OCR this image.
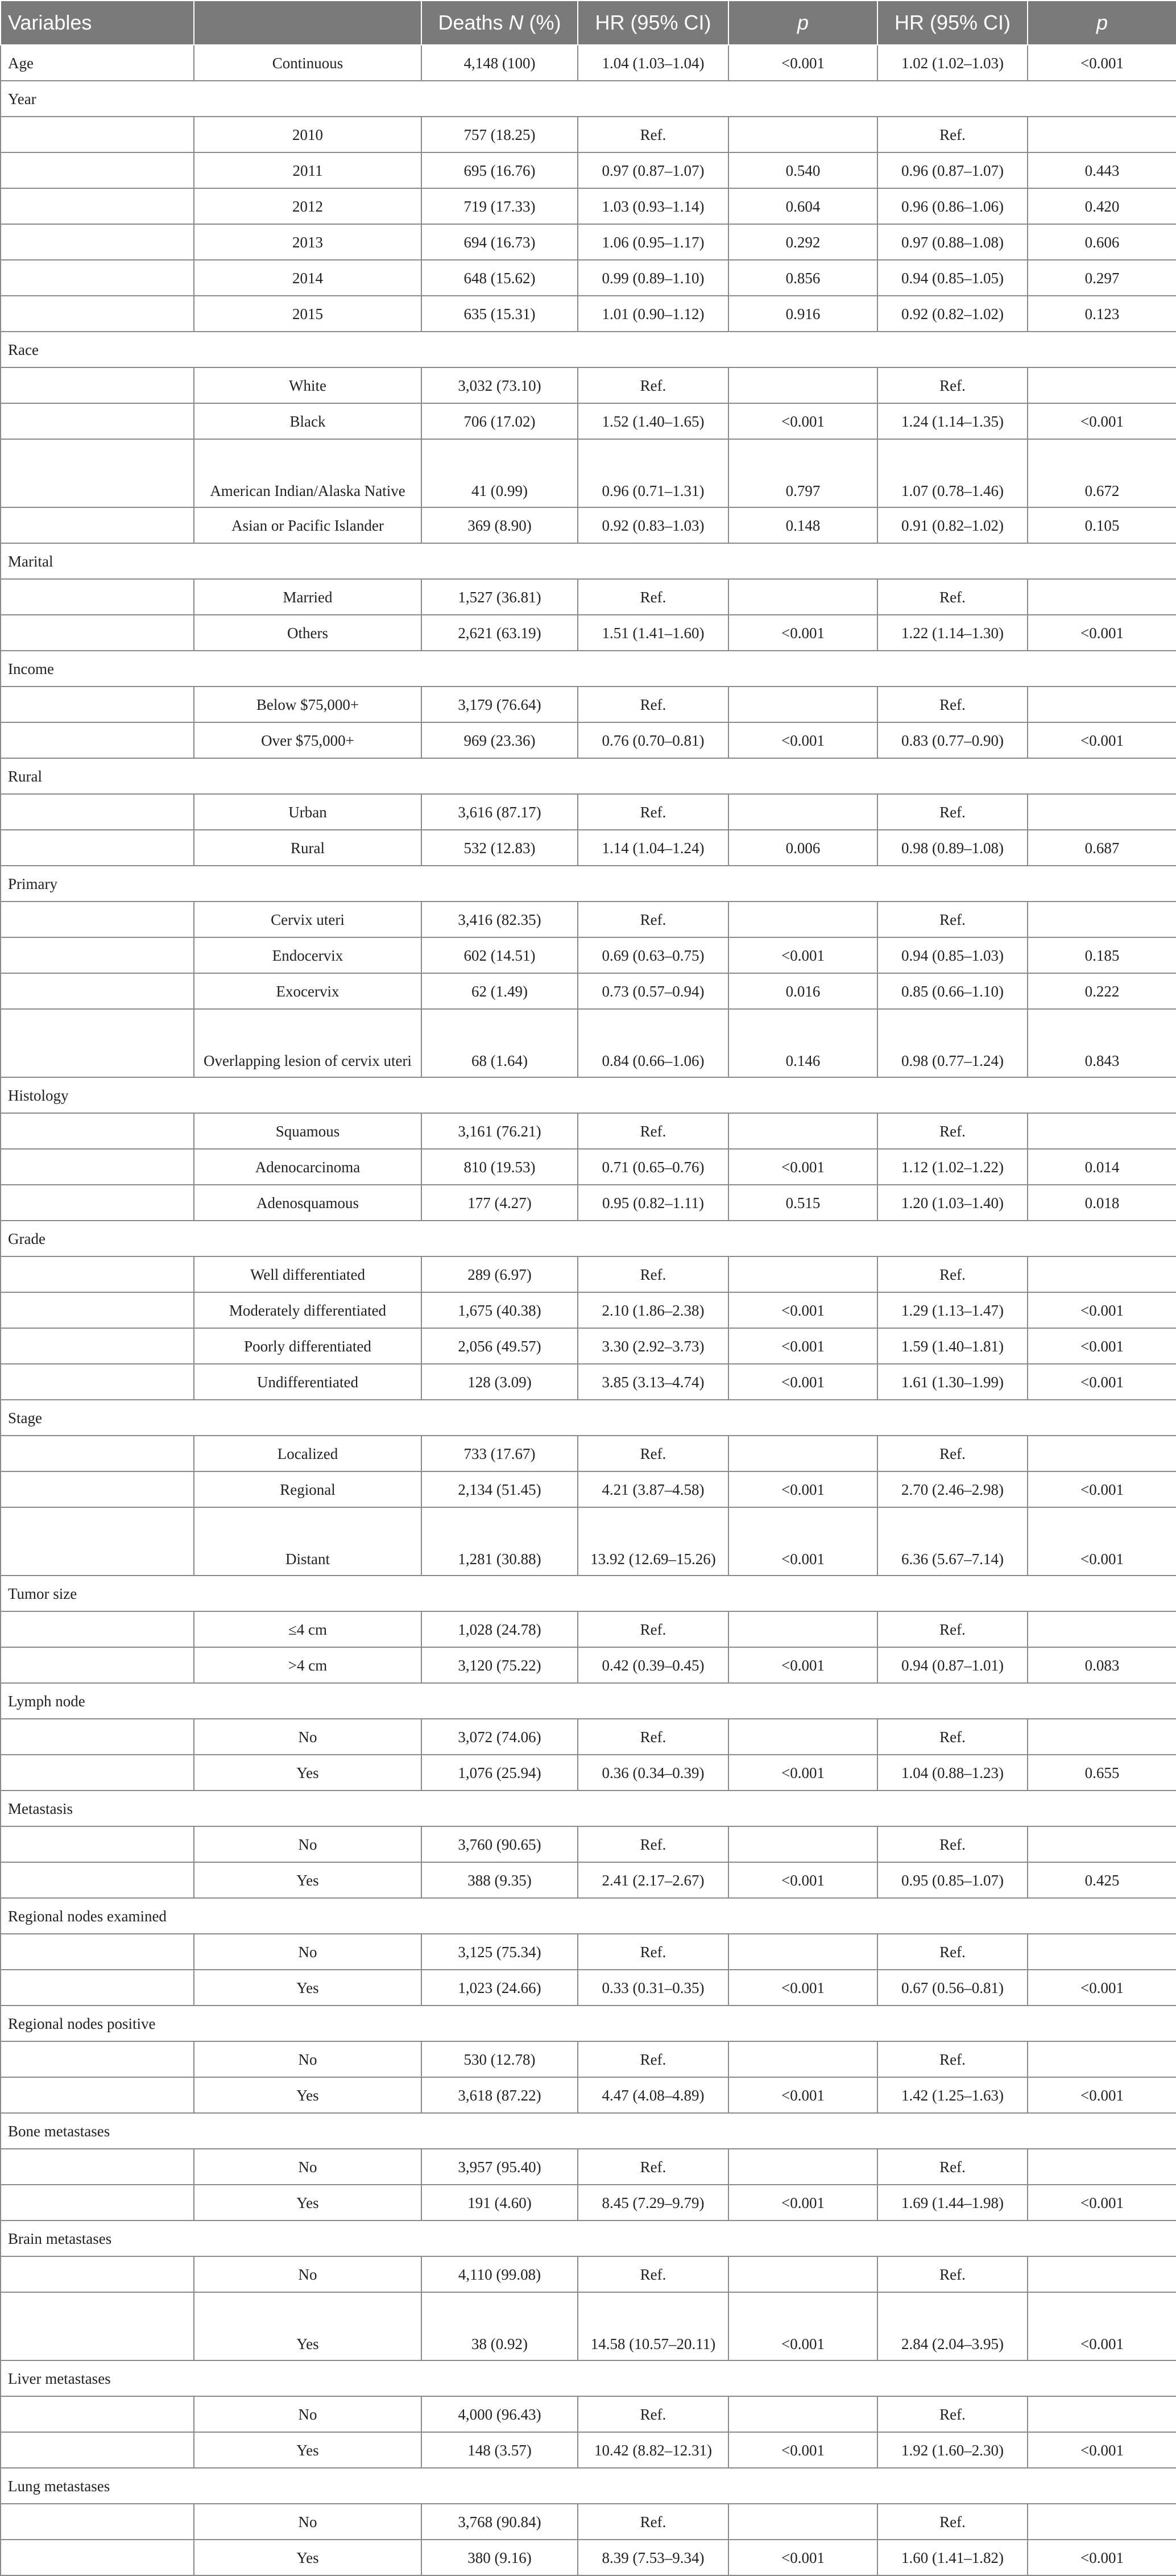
Variables		Deaths N (%)	HR (95% CI)	p	HR (95% CI)	p
Age	Continuous	4,148 (100)	1.04 (1.03–1.04)	<0.001	1.02 (1.02–1.03)	<0.001
Year						
	2010	757 (18.25)	Ref.		Ref.	
	2011	695 (16.76)	0.97 (0.87–1.07)	0.540	0.96 (0.87–1.07)	0.443
	2012	719 (17.33)	1.03 (0.93–1.14)	0.604	0.96 (0.86–1.06)	0.420
	2013	694 (16.73)	1.06 (0.95–1.17)	0.292	0.97 (0.88–1.08)	0.606
	2014	648 (15.62)	0.99 (0.89–1.10)	0.856	0.94 (0.85–1.05)	0.297
	2015	635 (15.31)	1.01 (0.90–1.12)	0.916	0.92 (0.82–1.02)	0.123
Race						
	White	3,032 (73.10)	Ref.		Ref.	
	Black	706 (17.02)	1.52 (1.40–1.65)	<0.001	1.24 (1.14–1.35)	<0.001
	American Indian/Alaska Native	41 (0.99)	0.96 (0.71–1.31)	0.797	1.07 (0.78–1.46)	0.672
	Asian or Pacific Islander	369 (8.90)	0.92 (0.83–1.03)	0.148	0.91 (0.82–1.02)	0.105
Marital						
	Married	1,527 (36.81)	Ref.		Ref.	
	Others	2,621 (63.19)	1.51 (1.41–1.60)	<0.001	1.22 (1.14–1.30)	<0.001
Income						
	Below $75,000+	3,179 (76.64)	Ref.		Ref.	
	Over $75,000+	969 (23.36)	0.76 (0.70–0.81)	<0.001	0.83 (0.77–0.90)	<0.001
Rural						
	Urban	3,616 (87.17)	Ref.		Ref.	
	Rural	532 (12.83)	1.14 (1.04–1.24)	0.006	0.98 (0.89–1.08)	0.687
Primary						
	Cervix uteri	3,416 (82.35)	Ref.		Ref.	
	Endocervix	602 (14.51)	0.69 (0.63–0.75)	<0.001	0.94 (0.85–1.03)	0.185
	Exocervix	62 (1.49)	0.73 (0.57–0.94)	0.016	0.85 (0.66–1.10)	0.222
	Overlapping lesion of cervix uteri	68 (1.64)	0.84 (0.66–1.06)	0.146	0.98 (0.77–1.24)	0.843
Histology						
	Squamous	3,161 (76.21)	Ref.		Ref.	
	Adenocarcinoma	810 (19.53)	0.71 (0.65–0.76)	<0.001	1.12 (1.02–1.22)	0.014
	Adenosquamous	177 (4.27)	0.95 (0.82–1.11)	0.515	1.20 (1.03–1.40)	0.018
Grade						
	Well differentiated	289 (6.97)	Ref.		Ref.	
	Moderately differentiated	1,675 (40.38)	2.10 (1.86–2.38)	<0.001	1.29 (1.13–1.47)	<0.001
	Poorly differentiated	2,056 (49.57)	3.30 (2.92–3.73)	<0.001	1.59 (1.40–1.81)	<0.001
	Undifferentiated	128 (3.09)	3.85 (3.13–4.74)	<0.001	1.61 (1.30–1.99)	<0.001
Stage						
	Localized	733 (17.67)	Ref.		Ref.	
	Regional	2,134 (51.45)	4.21 (3.87–4.58)	<0.001	2.70 (2.46–2.98)	<0.001
	Distant	1,281 (30.88)	13.92 (12.69–15.26)	<0.001	6.36 (5.67–7.14)	<0.001
Tumor size						
	≤4 cm	1,028 (24.78)	Ref.		Ref.	
	>4 cm	3,120 (75.22)	0.42 (0.39–0.45)	<0.001	0.94 (0.87–1.01)	0.083
Lymph node						
	No	3,072 (74.06)	Ref.		Ref.	
	Yes	1,076 (25.94)	0.36 (0.34–0.39)	<0.001	1.04 (0.88–1.23)	0.655
Metastasis						
	No	3,760 (90.65)	Ref.		Ref.	
	Yes	388 (9.35)	2.41 (2.17–2.67)	<0.001	0.95 (0.85–1.07)	0.425
Regional nodes examined						
	No	3,125 (75.34)	Ref.		Ref.	
	Yes	1,023 (24.66)	0.33 (0.31–0.35)	<0.001	0.67 (0.56–0.81)	<0.001
Regional nodes positive						
	No	530 (12.78)	Ref.		Ref.	
	Yes	3,618 (87.22)	4.47 (4.08–4.89)	<0.001	1.42 (1.25–1.63)	<0.001
Bone metastases						
	No	3,957 (95.40)	Ref.		Ref.	
	Yes	191 (4.60)	8.45 (7.29–9.79)	<0.001	1.69 (1.44–1.98)	<0.001
Brain metastases						
	No	4,110 (99.08)	Ref.		Ref.	
	Yes	38 (0.92)	14.58 (10.57–20.11)	<0.001	2.84 (2.04–3.95)	<0.001
Liver metastases						
	No	4,000 (96.43)	Ref.		Ref.	
	Yes	148 (3.57)	10.42 (8.82–12.31)	<0.001	1.92 (1.60–2.30)	<0.001
Lung metastases						
	No	3,768 (90.84)	Ref.		Ref.	
	Yes	380 (9.16)	8.39 (7.53–9.34)	<0.001	1.60 (1.41–1.82)	<0.001
